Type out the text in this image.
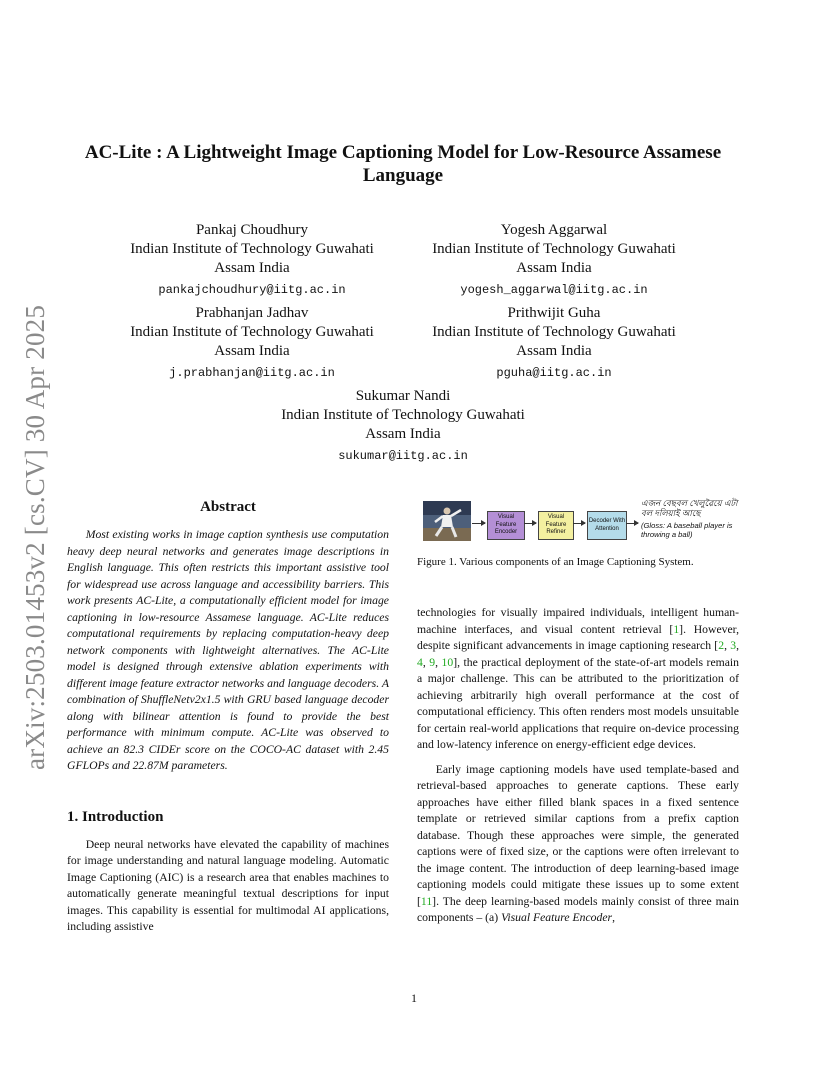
arXiv:2503.01453v2 [cs.CV] 30 Apr 2025
AC-Lite : A Lightweight Image Captioning Model for Low-Resource Assamese Language
Pankaj Choudhury
Indian Institute of Technology Guwahati
Assam India
pankajchoudhury@iitg.ac.in
Yogesh Aggarwal
Indian Institute of Technology Guwahati
Assam India
yogesh_aggarwal@iitg.ac.in
Prabhanjan Jadhav
Indian Institute of Technology Guwahati
Assam India
j.prabhanjan@iitg.ac.in
Prithwijit Guha
Indian Institute of Technology Guwahati
Assam India
pguha@iitg.ac.in
Sukumar Nandi
Indian Institute of Technology Guwahati
Assam India
sukumar@iitg.ac.in
Abstract

Most existing works in image caption synthesis use computation heavy deep neural networks and generates image descriptions in English language. This often restricts this important assistive tool for widespread use across language and accessibility barriers. This work presents AC-Lite, a computationally efficient model for image captioning in low-resource Assamese language. AC-Lite reduces computational requirements by replacing computation-heavy deep network components with lightweight alternatives. The AC-Lite model is designed through extensive ablation experiments with different image feature extractor networks and language decoders. A combination of ShuffleNetv2x1.5 with GRU based language decoder along with bilinear attention is found to provide the best performance with minimum compute. AC-Lite was observed to achieve an 82.3 CIDEr score on the COCO-AC dataset with 2.45 GFLOPs and 22.87M parameters.

1. Introduction

Deep neural networks have elevated the capability of machines for image understanding and natural language modeling. Automatic Image Captioning (AIC) is a research area that enables machines to automatically generate meaningful textual descriptions for input images. This capability is essential for multimodal AI applications, including assistive

Visual Feature Encoder
Visual Feature Refiner
Decoder With Attention
এজন বেছবল খেলুৱৈয়ে এটা বল দলিয়াই আছে
(Gloss: A baseball player is throwing a ball)

Figure 1. Various components of an Image Captioning System.

technologies for visually impaired individuals, intelligent human-machine interfaces, and visual content retrieval [1]. However, despite significant advancements in image captioning research [2, 3, 4, 9, 10], the practical deployment of the state-of-art models remain a major challenge. This can be attributed to the prioritization of achieving arbitrarily high overall performance at the cost of computational efficiency. This often renders most models unsuitable for certain real-world applications that require on-device processing and low-latency inference on energy-efficient edge devices.

Early image captioning models have used template-based and retrieval-based approaches to generate captions. These early approaches have either filled blank spaces in a fixed sentence template or retrieved similar captions from a prefix caption database. Though these approaches were simple, the generated captions were of fixed size, or the captions were often irrelevant to the image content. The introduction of deep learning-based image captioning models could mitigate these issues up to some extent [11]. The deep learning-based models mainly consist of three main components – (a) Visual Feature Encoder,

1
